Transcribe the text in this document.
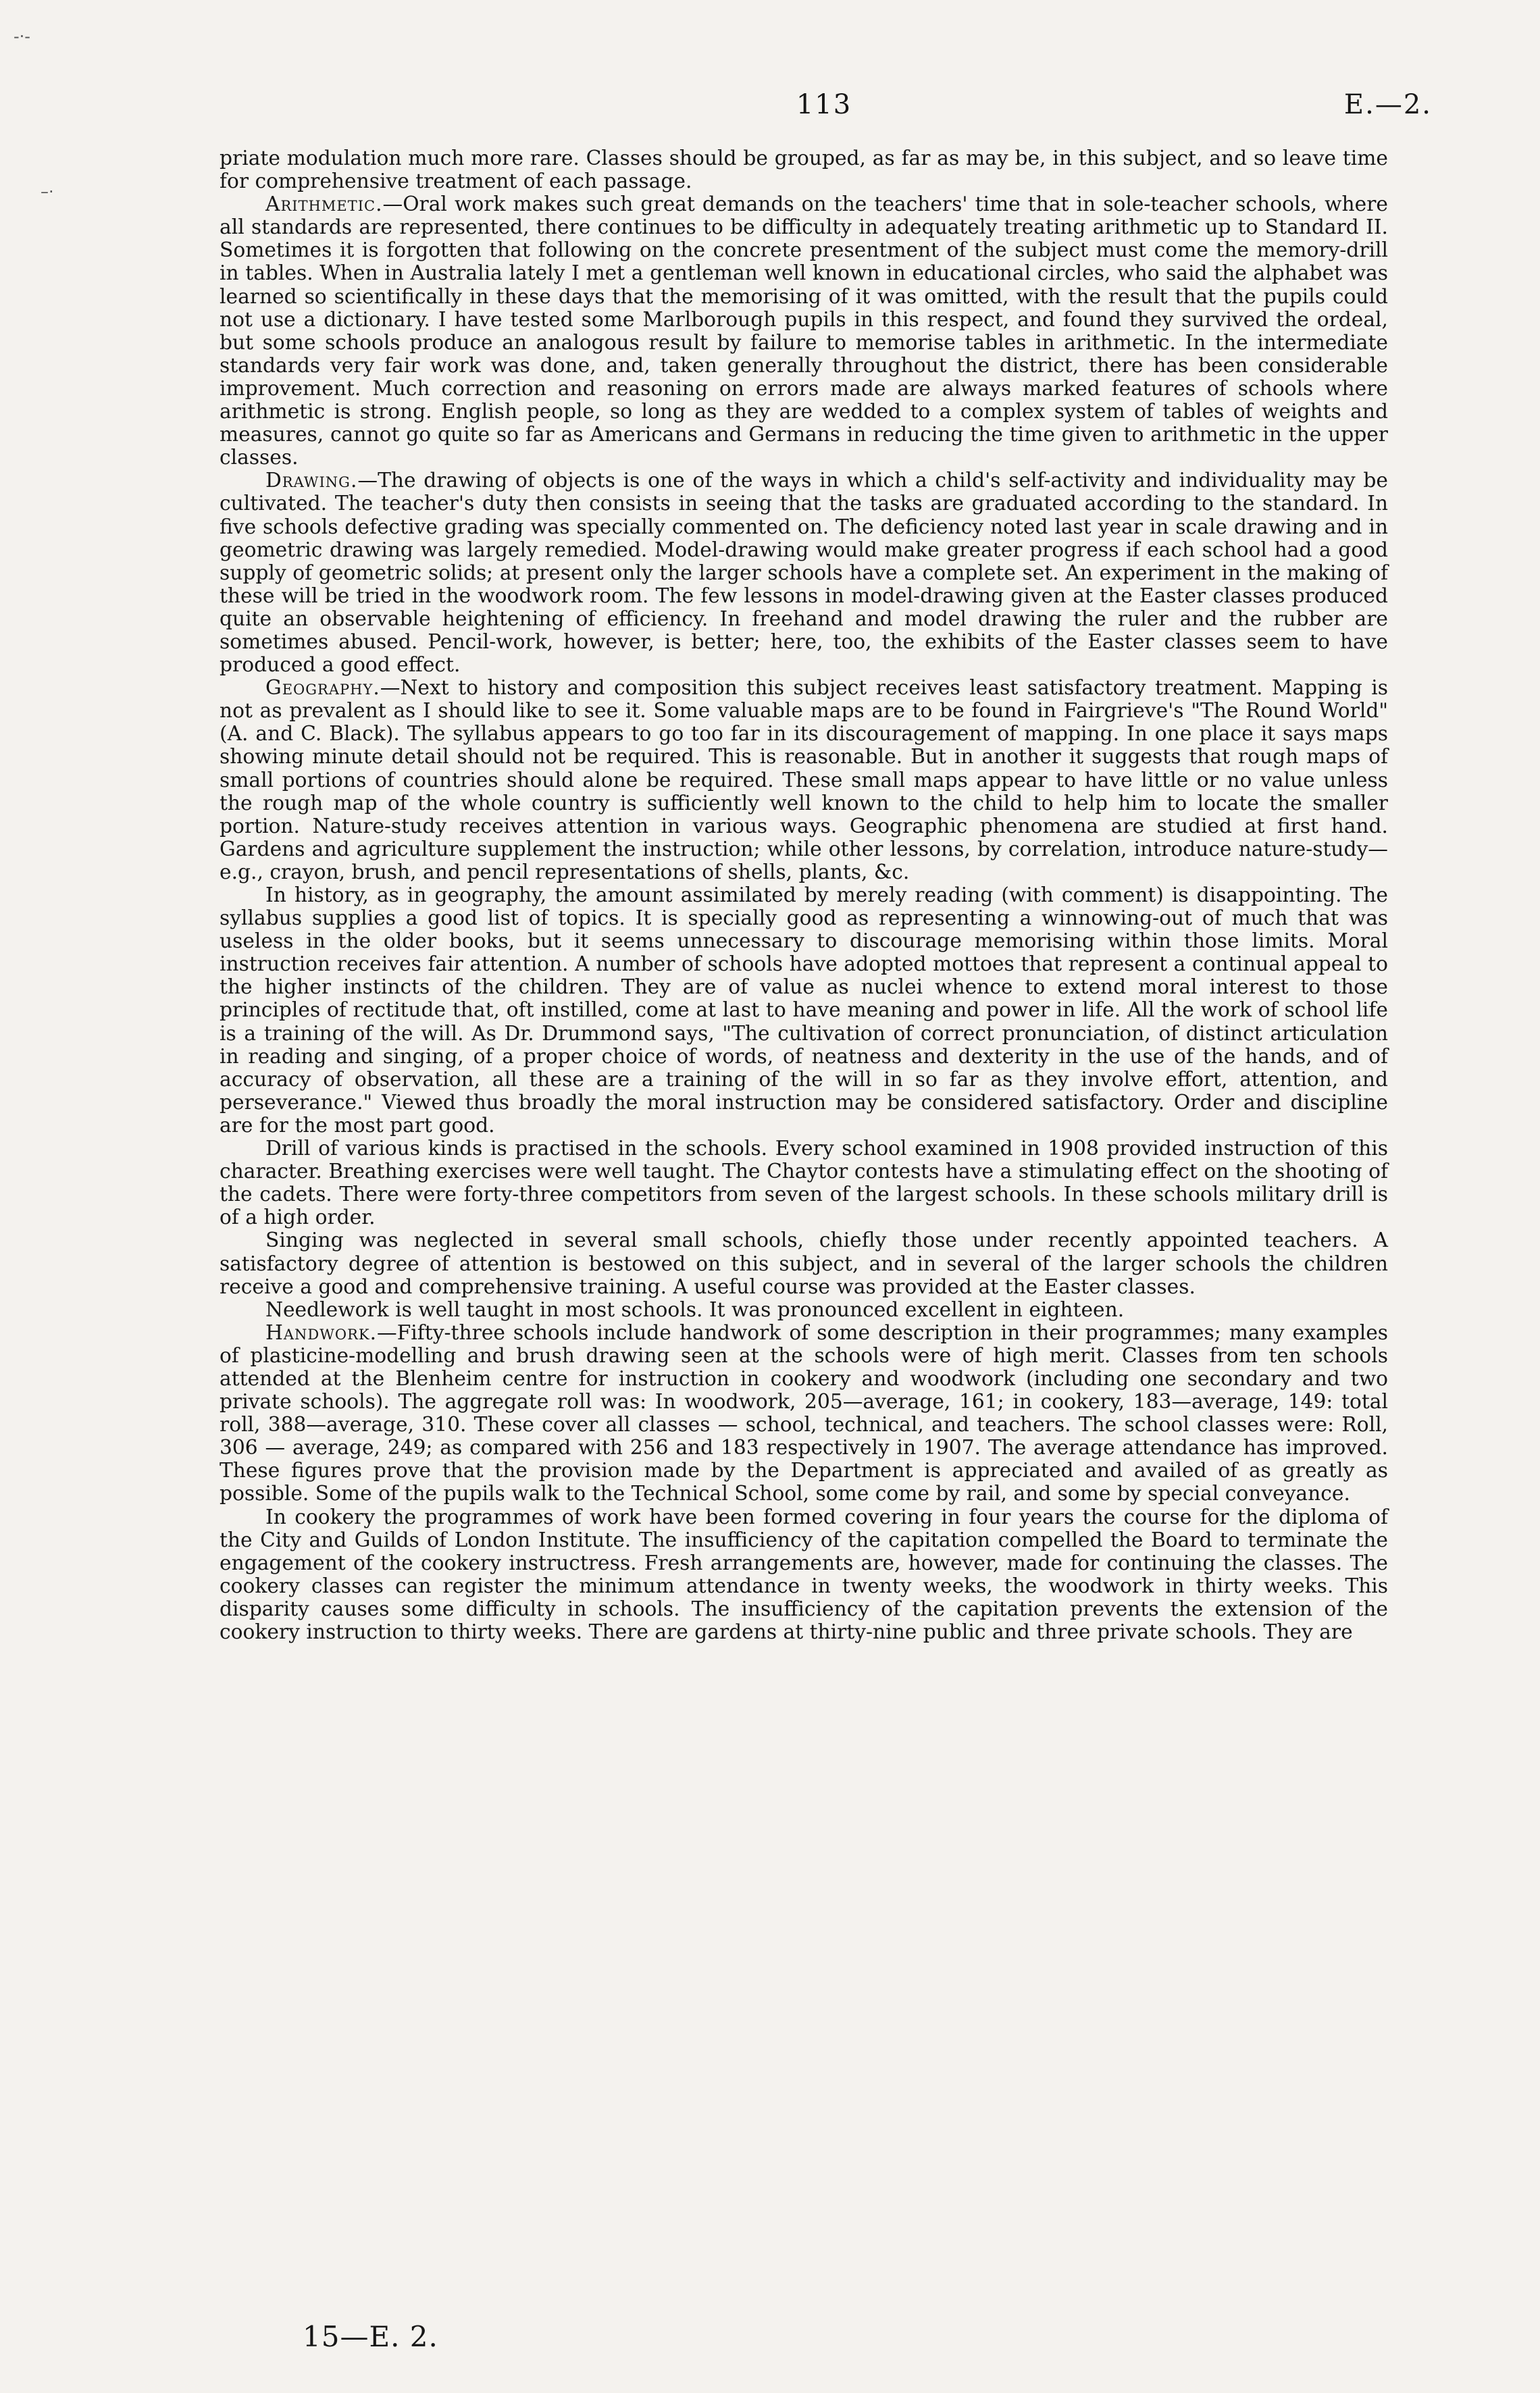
113	E.—2.
-·-
–·

priate modulation much more rare. Classes should be grouped, as far as may be, in this subject, and so leave time for comprehensive treatment of each passage.

Arithmetic.—Oral work makes such great demands on the teachers' time that in sole-teacher schools, where all standards are represented, there continues to be difficulty in adequately treating arithmetic up to Standard II. Sometimes it is forgotten that following on the concrete presentment of the subject must come the memory-drill in tables. When in Australia lately I met a gentleman well known in educational circles, who said the alphabet was learned so scientifically in these days that the memorising of it was omitted, with the result that the pupils could not use a dictionary. I have tested some Marlborough pupils in this respect, and found they survived the ordeal, but some schools produce an analogous result by failure to memorise tables in arithmetic. In the intermediate standards very fair work was done, and, taken generally throughout the district, there has been considerable improvement. Much correction and reasoning on errors made are always marked features of schools where arithmetic is strong. English people, so long as they are wedded to a complex system of tables of weights and measures, cannot go quite so far as Americans and Germans in reducing the time given to arithmetic in the upper classes.

Drawing.—The drawing of objects is one of the ways in which a child's self-activity and individuality may be cultivated. The teacher's duty then consists in seeing that the tasks are graduated according to the standard. In five schools defective grading was specially commented on. The deficiency noted last year in scale drawing and in geometric drawing was largely remedied. Model-drawing would make greater progress if each school had a good supply of geometric solids; at present only the larger schools have a complete set. An experiment in the making of these will be tried in the woodwork room. The few lessons in model-drawing given at the Easter classes produced quite an observable heightening of efficiency. In freehand and model drawing the ruler and the rubber are sometimes abused. Pencil-work, however, is better; here, too, the exhibits of the Easter classes seem to have produced a good effect.

Geography.—Next to history and composition this subject receives least satisfactory treatment. Mapping is not as prevalent as I should like to see it. Some valuable maps are to be found in Fairgrieve's "The Round World" (A. and C. Black). The syllabus appears to go too far in its discouragement of mapping. In one place it says maps showing minute detail should not be required. This is reasonable. But in another it suggests that rough maps of small portions of countries should alone be required. These small maps appear to have little or no value unless the rough map of the whole country is sufficiently well known to the child to help him to locate the smaller portion. Nature-study receives attention in various ways. Geographic phenomena are studied at first hand. Gardens and agriculture supplement the instruction; while other lessons, by correlation, introduce nature-study—e.g., crayon, brush, and pencil representations of shells, plants, &c.

In history, as in geography, the amount assimilated by merely reading (with comment) is disappointing. The syllabus supplies a good list of topics. It is specially good as representing a winnowing-out of much that was useless in the older books, but it seems unnecessary to discourage memorising within those limits. Moral instruction receives fair attention. A number of schools have adopted mottoes that represent a continual appeal to the higher instincts of the children. They are of value as nuclei whence to extend moral interest to those principles of rectitude that, oft instilled, come at last to have meaning and power in life. All the work of school life is a training of the will. As Dr. Drummond says, "The cultivation of correct pronunciation, of distinct articulation in reading and singing, of a proper choice of words, of neatness and dexterity in the use of the hands, and of accuracy of observation, all these are a training of the will in so far as they involve effort, attention, and perseverance." Viewed thus broadly the moral instruction may be considered satisfactory. Order and discipline are for the most part good.

Drill of various kinds is practised in the schools. Every school examined in 1908 provided instruction of this character. Breathing exercises were well taught. The Chaytor contests have a stimulating effect on the shooting of the cadets. There were forty-three competitors from seven of the largest schools. In these schools military drill is of a high order.

Singing was neglected in several small schools, chiefly those under recently appointed teachers. A satisfactory degree of attention is bestowed on this subject, and in several of the larger schools the children receive a good and comprehensive training. A useful course was provided at the Easter classes.

Needlework is well taught in most schools. It was pronounced excellent in eighteen.

Handwork.—Fifty-three schools include handwork of some description in their programmes; many examples of plasticine-modelling and brush drawing seen at the schools were of high merit. Classes from ten schools attended at the Blenheim centre for instruction in cookery and woodwork (including one secondary and two private schools). The aggregate roll was: In woodwork, 205—average, 161; in cookery, 183—average, 149: total roll, 388—average, 310. These cover all classes — school, technical, and teachers. The school classes were: Roll, 306 — average, 249; as compared with 256 and 183 respectively in 1907. The average attendance has improved. These figures prove that the provision made by the Department is appreciated and availed of as greatly as possible. Some of the pupils walk to the Technical School, some come by rail, and some by special conveyance.

In cookery the programmes of work have been formed covering in four years the course for the diploma of the City and Guilds of London Institute. The insufficiency of the capitation compelled the Board to terminate the engagement of the cookery instructress. Fresh arrangements are, however, made for continuing the classes. The cookery classes can register the minimum attendance in twenty weeks, the woodwork in thirty weeks. This disparity causes some difficulty in schools. The insufficiency of the capitation prevents the extension of the cookery instruction to thirty weeks. There are gardens at thirty-nine public and three private schools. They are

15—E. 2.
